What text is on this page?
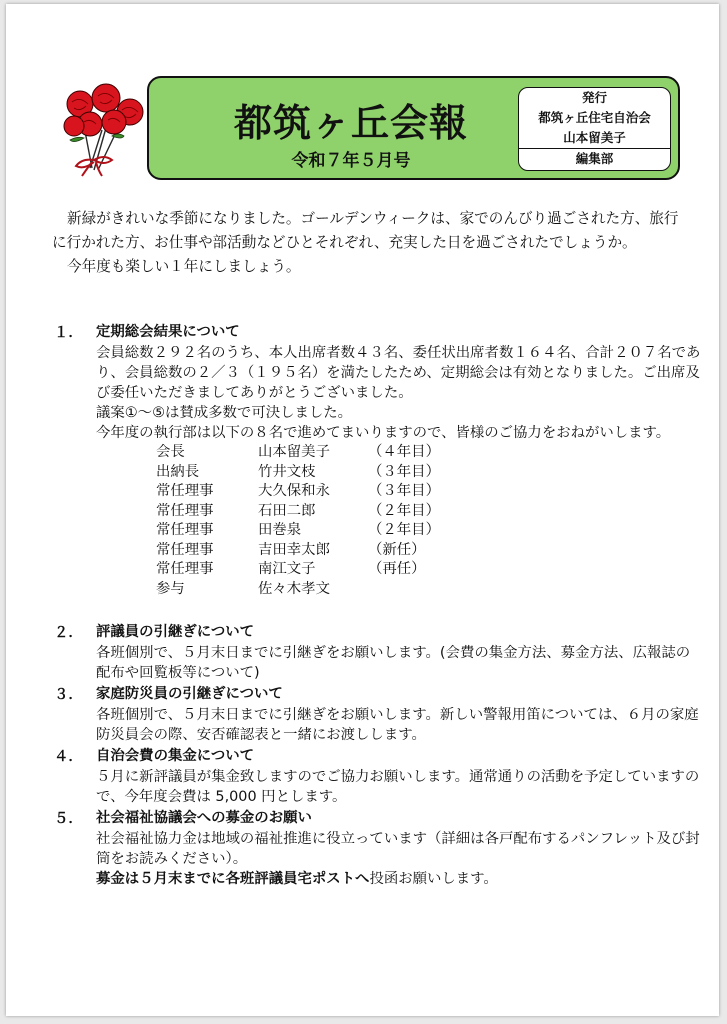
都筑ヶ丘会報
令和７年５月号
発行
都筑ヶ丘住宅自治会
山本留美子
編集部

新緑がきれいな季節になりました。ゴールデンウィークは、家でのんびり過ごされた方、旅行に行かれた方、お仕事や部活動などひとそれぞれ、充実した日を過ごされたでしょうか。

今年度も楽しい１年にしましょう。

１． 定期総会結果について

会員総数２９２名のうち、本人出席者数４３名、委任状出席者数１６４名、合計２０７名であり、会員総数の２／３（１９５名）を満たしたため、定期総会は有効となりました。ご出席及び委任いただきましてありがとうございました。

議案①～⑤は賛成多数で可決しました。

今年度の執行部は以下の８名で進めてまいりますので、皆様のご協力をおねがいします。

会長	山本留美子	（４年目）
出納長	竹井文枝	（３年目）
常任理事	大久保和永	（３年目）
常任理事	石田二郎	（２年目）
常任理事	田巻泉	（２年目）
常任理事	吉田幸太郎	（新任）
常任理事	南江文子	（再任）
参与	佐々木孝文	
２． 評議員の引継ぎについて

各班個別で、５月末日までに引継ぎをお願いします。(会費の集金方法、募金方法、広報誌の配布や回覧板等について)

３． 家庭防災員の引継ぎについて

各班個別で、５月末日までに引継ぎをお願いします。新しい警報用笛については、６月の家庭防災員会の際、安否確認表と一緒にお渡しします。

４． 自治会費の集金について

５月に新評議員が集金致しますのでご協力お願いします。通常通りの活動を予定していますので、今年度会費は 5,000 円とします。

５． 社会福祉協議会への募金のお願い

社会福祉協力金は地域の福祉推進に役立っています（詳細は各戸配布するパンフレット及び封筒をお読みください）。

募金は５月末までに各班評議員宅ポストへ投函お願いします。
